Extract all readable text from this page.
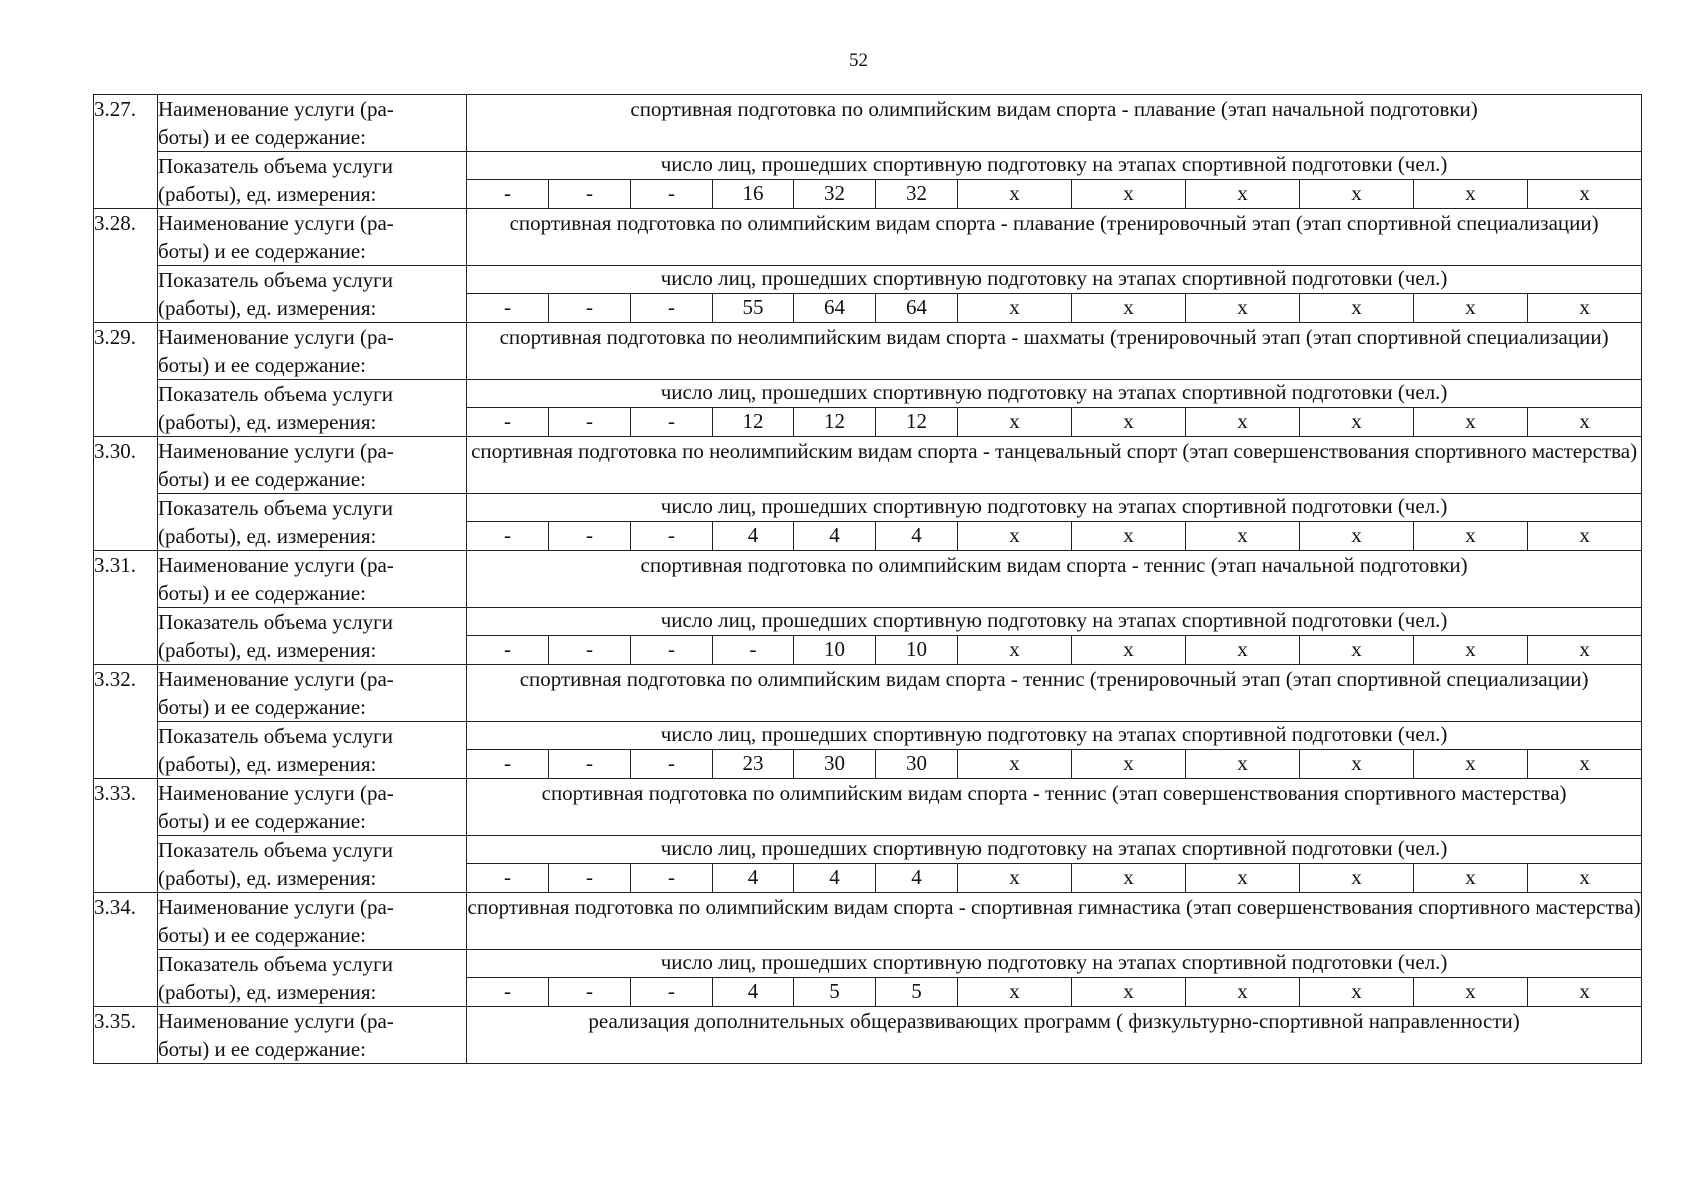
52
3.27.	Наименование услуги (ра-
боты) и ее содержание:	спортивная подготовка по олимпийским видам спорта - плавание (этап начальной подготовки)											
	Показатель объема услуги
(работы), ед. измерения:	число лиц, прошедших спортивную подготовку на этапах спортивной подготовки (чел.)											
		-	-	-	16	32	32	х	х	х	х	х	х
3.28.	Наименование услуги (ра-
боты) и ее содержание:	спортивная подготовка по олимпийским видам спорта - плавание (тренировочный этап (этап спортивной специализации)											
	Показатель объема услуги
(работы), ед. измерения:	число лиц, прошедших спортивную подготовку на этапах спортивной подготовки (чел.)											
		-	-	-	55	64	64	х	х	х	х	х	х
3.29.	Наименование услуги (ра-
боты) и ее содержание:	спортивная подготовка по неолимпийским видам спорта - шахматы (тренировочный этап (этап спортивной специализации)											
	Показатель объема услуги
(работы), ед. измерения:	число лиц, прошедших спортивную подготовку на этапах спортивной подготовки (чел.)											
		-	-	-	12	12	12	х	х	х	х	х	х
3.30.	Наименование услуги (ра-
боты) и ее содержание:	спортивная подготовка по неолимпийским видам спорта - танцевальный спорт (этап совершенствования спортивного мастерства)											
	Показатель объема услуги
(работы), ед. измерения:	число лиц, прошедших спортивную подготовку на этапах спортивной подготовки (чел.)											
		-	-	-	4	4	4	х	х	х	х	х	х
3.31.	Наименование услуги (ра-
боты) и ее содержание:	спортивная подготовка по олимпийским видам спорта - теннис (этап начальной подготовки)											
	Показатель объема услуги
(работы), ед. измерения:	число лиц, прошедших спортивную подготовку на этапах спортивной подготовки (чел.)											
		-	-	-	-	10	10	х	х	х	х	х	х
3.32.	Наименование услуги (ра-
боты) и ее содержание:	спортивная подготовка по олимпийским видам спорта - теннис (тренировочный этап (этап спортивной специализации)											
	Показатель объема услуги
(работы), ед. измерения:	число лиц, прошедших спортивную подготовку на этапах спортивной подготовки (чел.)											
		-	-	-	23	30	30	х	х	х	х	х	х
3.33.	Наименование услуги (ра-
боты) и ее содержание:	спортивная подготовка по олимпийским видам спорта - теннис (этап совершенствования спортивного мастерства)											
	Показатель объема услуги
(работы), ед. измерения:	число лиц, прошедших спортивную подготовку на этапах спортивной подготовки (чел.)											
		-	-	-	4	4	4	х	х	х	х	х	х
3.34.	Наименование услуги (ра-
боты) и ее содержание:	спортивная подготовка по олимпийским видам спорта - спортивная гимнастика (этап совершенствования спортивного мастерства)											
	Показатель объема услуги
(работы), ед. измерения:	число лиц, прошедших спортивную подготовку на этапах спортивной подготовки (чел.)											
		-	-	-	4	5	5	х	х	х	х	х	х
3.35.	Наименование услуги (ра-
боты) и ее содержание:	реализация дополнительных общеразвивающих программ ( физкультурно-спортивной направленности)											
